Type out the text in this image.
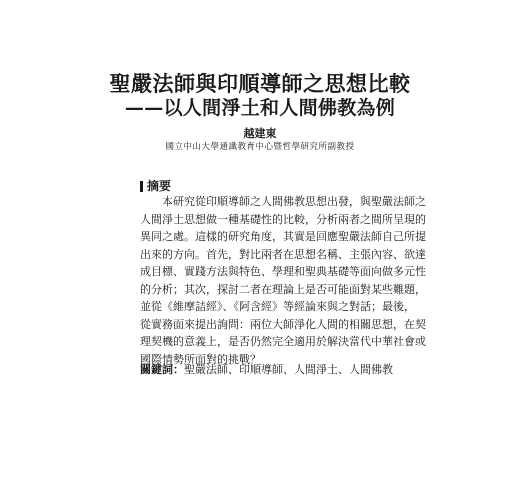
聖嚴法師與印順導師之思想比較
——以人間淨土和人間佛教為例
越建東
國立中山大學通識教育中心暨哲學研究所副教授
摘要
本研究從印順導師之人間佛教思想出發，與聖嚴法師之
人間淨土思想做一種基礎性的比較，分析兩者之間所呈現的
異同之處。這樣的研究角度，其實是回應聖嚴法師自己所提
出來的方向。首先，對比兩者在思想名稱、主張內容、欲達
成目標、實踐方法與特色、學理和聖典基礎等面向做多元性
的分析；其次，探討二者在理論上是否可能面對某些難題，
並從《維摩詰經》、《阿含經》等經論來與之對話；最後，
從實務面來提出詢問：兩位大師淨化人間的相關思想，在契
理契機的意義上，是否仍然完全適用於解決當代中華社會或
國際情勢所面對的挑戰？
關鍵詞：聖嚴法師、印順導師、人間淨土、人間佛教
